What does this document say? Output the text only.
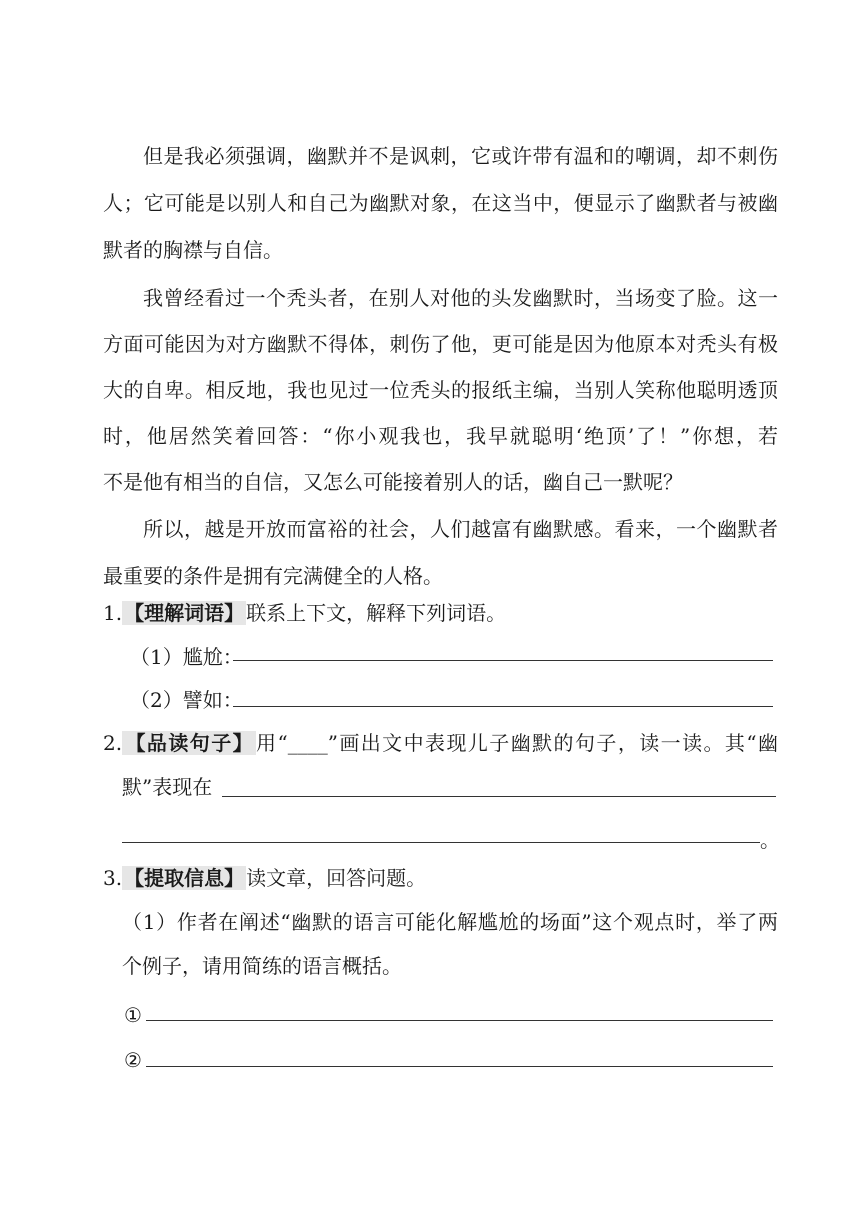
但是我必须强调，幽默并不是讽刺，它或许带有温和的嘲调，却不刺伤
人；它可能是以别人和自己为幽默对象，在这当中，便显示了幽默者与被幽
默者的胸襟与自信。
我曾经看过一个秃头者，在别人对他的头发幽默时，当场变了脸。这一
方面可能因为对方幽默不得体，刺伤了他，更可能是因为他原本对秃头有极
大的自卑。相反地，我也见过一位秃头的报纸主编，当别人笑称他聪明透顶
时，他居然笑着回答：“你小观我也，我早就聪明‘绝顶’了！”你想，若
不是他有相当的自信，又怎么可能接着别人的话，幽自己一默呢？
所以，越是开放而富裕的社会，人们越富有幽默感。看来，一个幽默者
最重要的条件是拥有完满健全的人格。
1. 【理解词语】 联系上下文，解释下列词语。
（1）尴尬：
（2）譬如：
2. 【品读句子】 用“____”画出文中表现儿子幽默的句子，读一读。其“幽
默”表现在
。
3. 【提取信息】 读文章，回答问题。
（1）作者在阐述“幽默的语言可能化解尴尬的场面”这个观点时，举了两
个例子，请用简练的语言概括。
①
②
